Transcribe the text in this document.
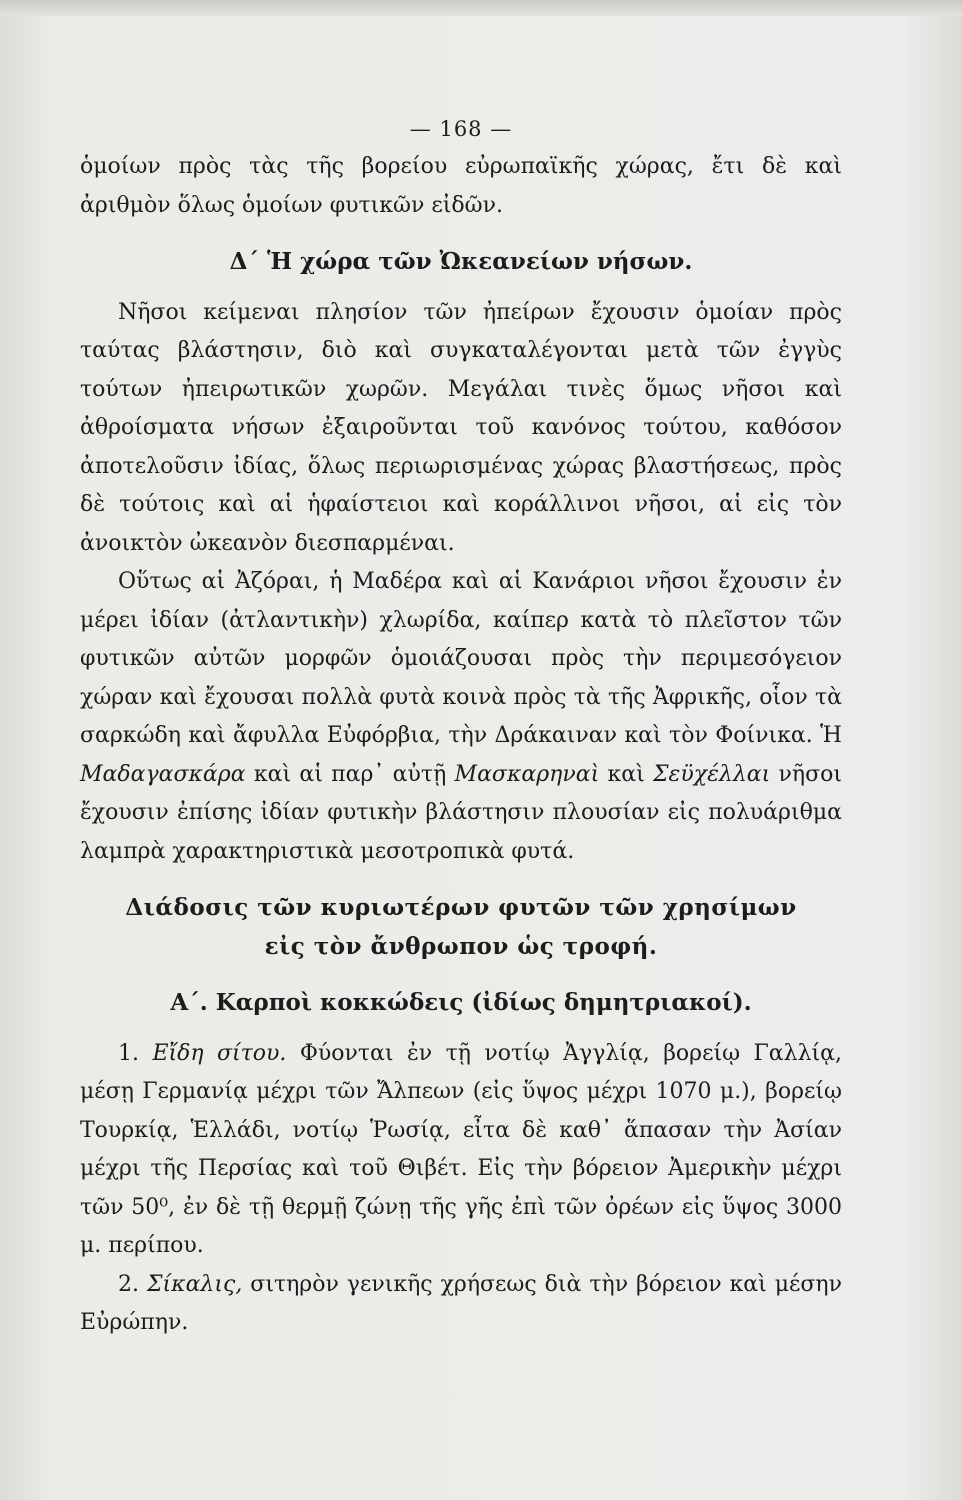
— 168 —

ὁμοίων πρὸς τὰς τῆς βορείου εὐρωπαϊκῆς χώρας, ἔτι δὲ καὶ ἀριθμὸν ὅλως ὁμοίων φυτικῶν εἰδῶν.

Δ΄ Ἡ χώρα τῶν Ὠκεανείων νήσων.

Νῆσοι κείμεναι πλησίον τῶν ἠπείρων ἔχουσιν ὁμοίαν πρὸς ταύτας βλάστησιν, διὸ καὶ συγκαταλέγονται μετὰ τῶν ἐγγὺς τούτων ἠπειρωτικῶν χωρῶν. Μεγάλαι τινὲς ὅμως νῆσοι καὶ ἀθροίσματα νήσων ἐξαιροῦνται τοῦ κανόνος τούτου, καθόσον ἀποτελοῦσιν ἰδίας, ὅλως περιωρισμένας χώρας βλαστήσεως, πρὸς δὲ τούτοις καὶ αἱ ἡφαίστειοι καὶ κοράλλινοι νῆσοι, αἱ εἰς τὸν ἀνοικτὸν ὠκεανὸν διεσπαρμέναι.

Οὕτως αἱ Ἀζόραι, ἡ Μαδέρα καὶ αἱ Κανάριοι νῆσοι ἔχουσιν ἐν μέρει ἰδίαν (ἀτλαντικὴν) χλωρίδα, καίπερ κατὰ τὸ πλεῖστον τῶν φυτικῶν αὐτῶν μορφῶν ὁμοιάζουσαι πρὸς τὴν περιμεσόγειον χώραν καὶ ἔχουσαι πολλὰ φυτὰ κοινὰ πρὸς τὰ τῆς Ἀφρικῆς, οἷον τὰ σαρκώδη καὶ ἄφυλλα Εὐφόρβια, τὴν Δράκαιναν καὶ τὸν Φοίνικα. Ἡ Μαδαγασκάρα καὶ αἱ παρ᾽ αὐτῇ Μασκαρηναὶ καὶ Σεϋχέλλαι νῆσοι ἔχουσιν ἐπίσης ἰδίαν φυτικὴν βλάστησιν πλουσίαν εἰς πολυάριθμα λαμπρὰ χαρακτηριστικὰ μεσοτροπικὰ φυτά.

Διάδοσις τῶν κυριωτέρων φυτῶν τῶν χρησίμων

εἰς τὸν ἄνθρωπον ὡς τροφή.

Α΄. Καρποὶ κοκκώδεις (ἰδίως δημητριακοί).

1. Εἴδη σίτου. Φύονται ἐν τῇ νοτίῳ Ἀγγλίᾳ, βορείῳ Γαλλίᾳ, μέσῃ Γερμανίᾳ μέχρι τῶν Ἄλπεων (εἰς ὕψος μέχρι 1070 μ.), βορείῳ Τουρκίᾳ, Ἑλλάδι, νοτίῳ Ῥωσίᾳ, εἶτα δὲ καθ᾽ ἅπασαν τὴν Ἀσίαν μέχρι τῆς Περσίας καὶ τοῦ Θιβέτ. Εἰς τὴν βόρειον Ἀμερικὴν μέχρι τῶν 50⁰, ἐν δὲ τῇ θερμῇ ζώνῃ τῆς γῆς ἐπὶ τῶν ὀρέων εἰς ὕψος 3000 μ. περίπου.

2. Σίκαλις, σιτηρὸν γενικῆς χρήσεως διὰ τὴν βόρειον καὶ μέσην Εὐρώπην.
